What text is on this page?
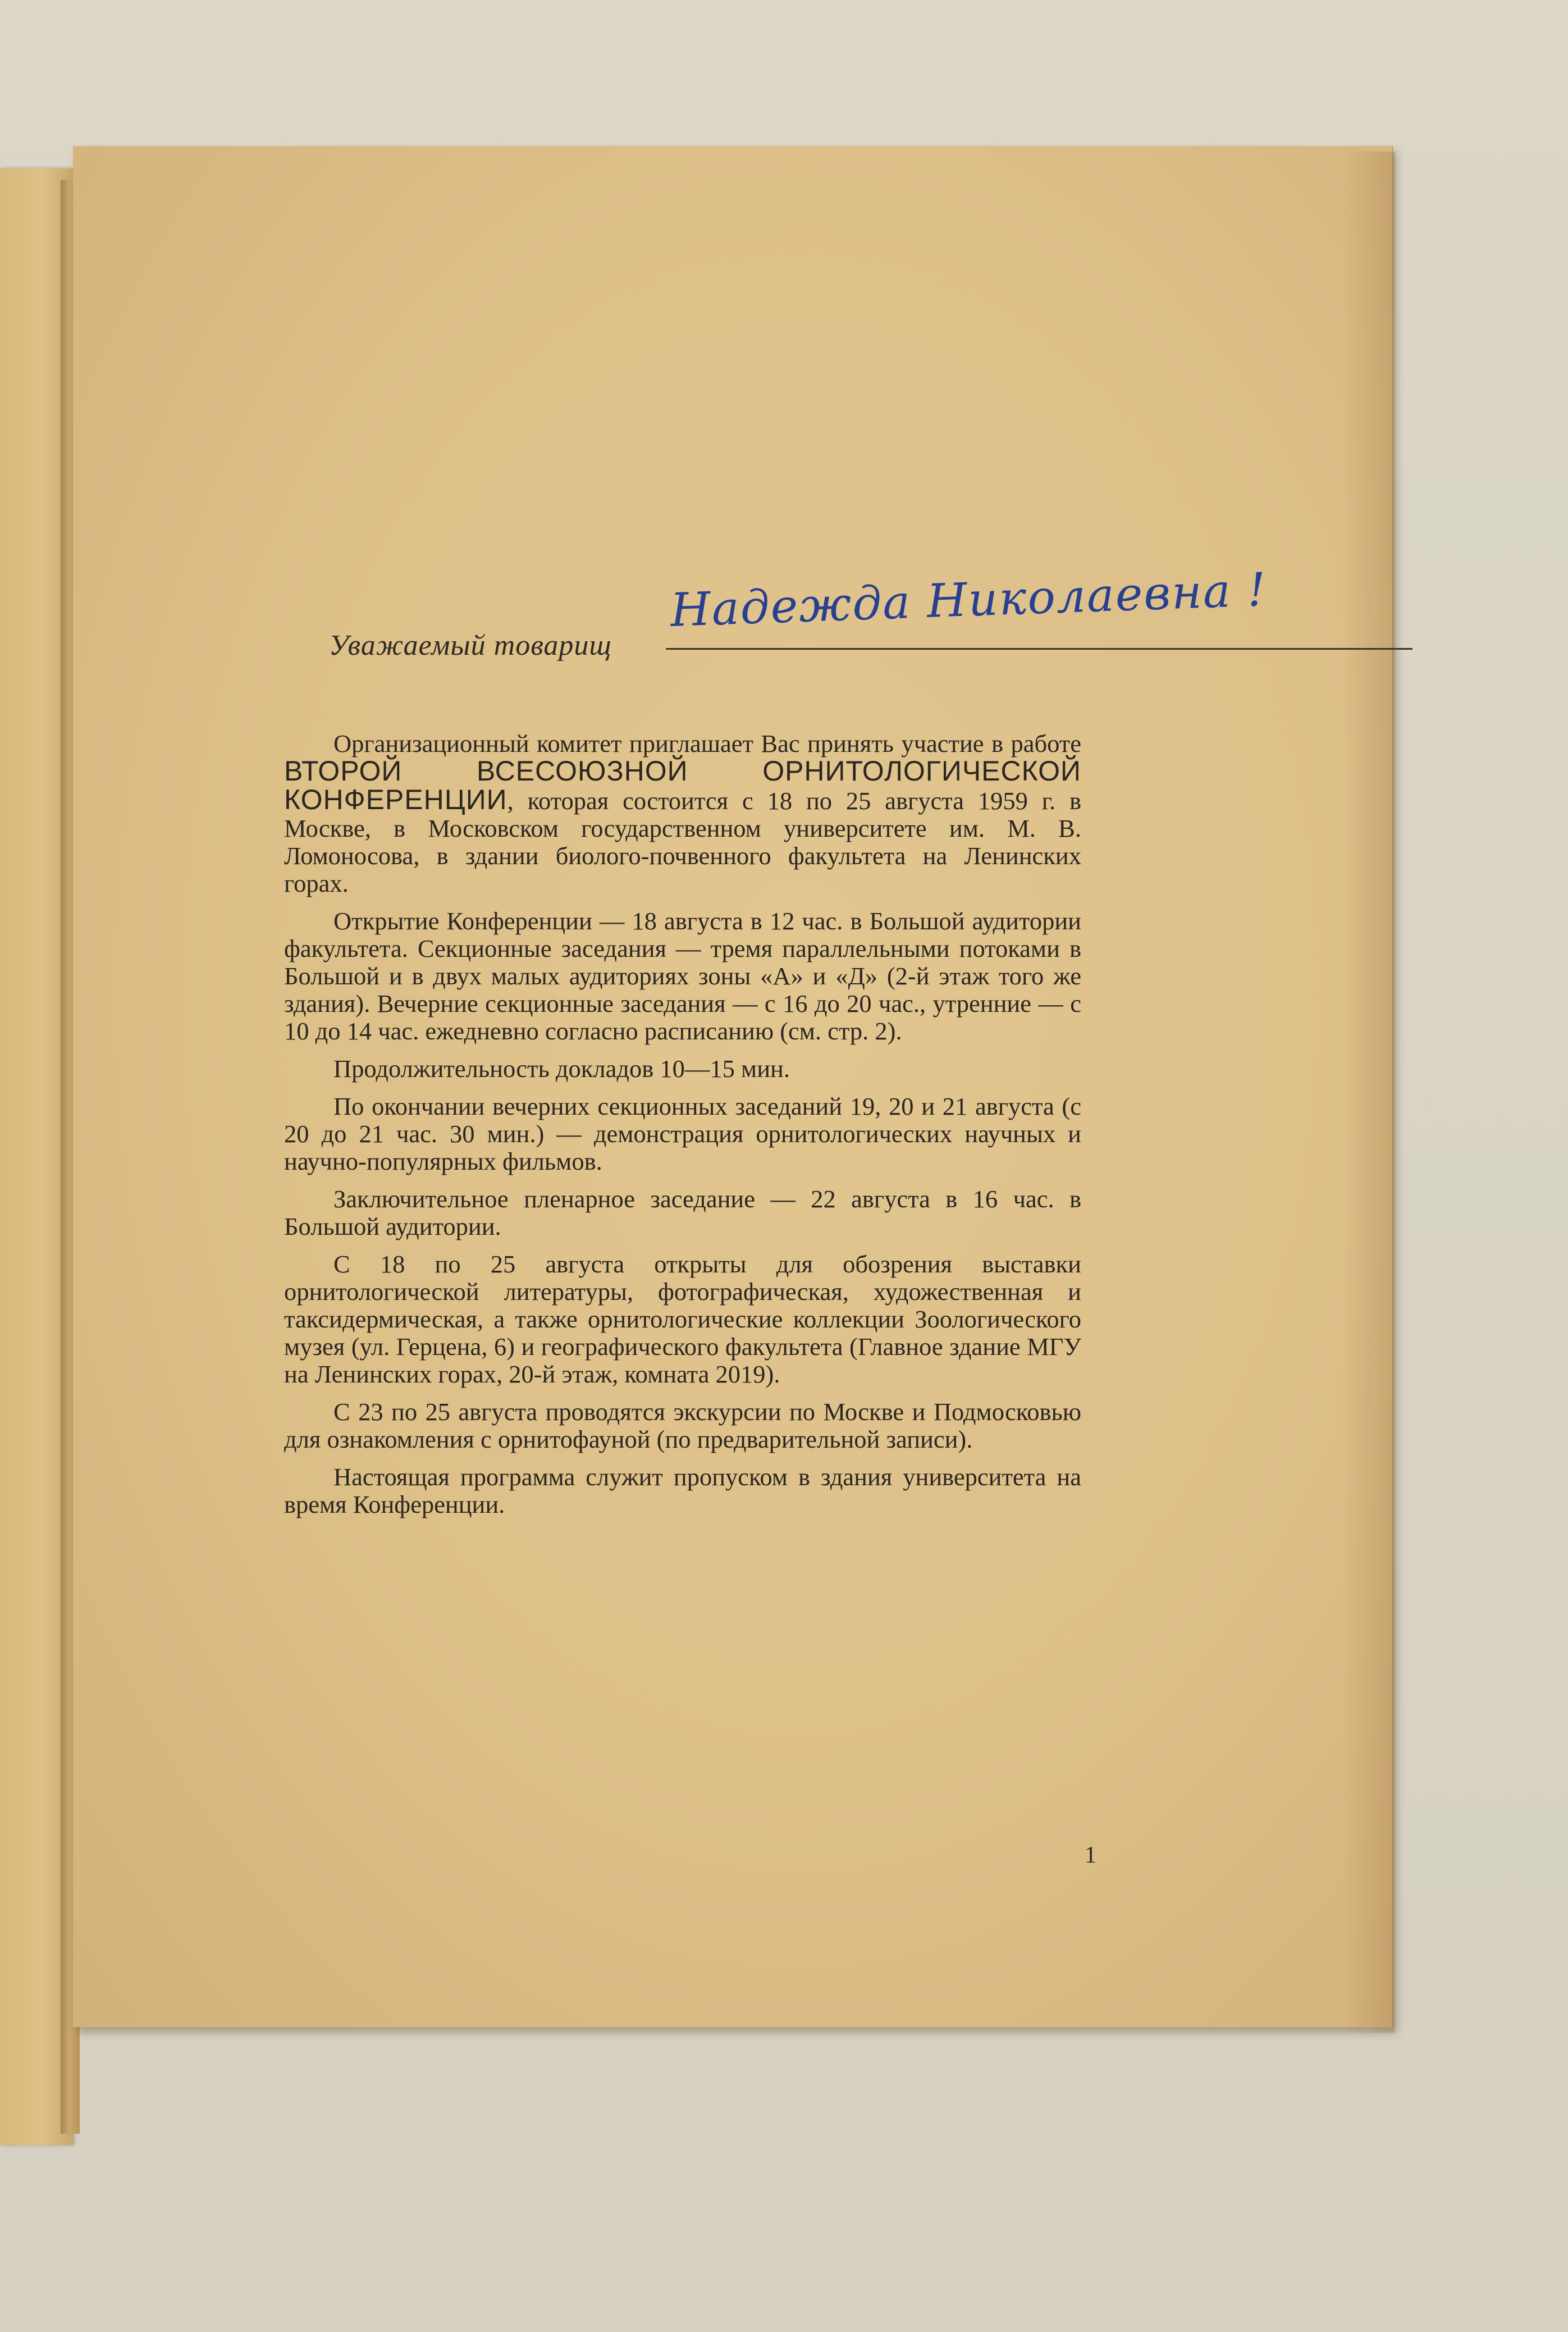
Уважаемый товарищ
Надежда Николаевна !

Организационный комитет приглашает Вас принять участие в работе ВТОРОЙ ВСЕСОЮЗНОЙ ОРНИТОЛОГИЧЕСКОЙ КОНФЕРЕНЦИИ, которая состоится с 18 по 25 августа 1959 г. в Москве, в Московском государственном университете им. М. В. Ломоносова, в здании биолого-почвенного факультета на Ленинских горах.

Открытие Конференции — 18 августа в 12 час. в Большой аудитории факультета. Секционные заседания — тремя параллельными потоками в Большой и в двух малых аудиториях зоны «А» и «Д» (2-й этаж того же здания). Вечерние секционные заседания — с 16 до 20 час., утренние — с 10 до 14 час. ежедневно согласно расписанию (см. стр. 2).

Продолжительность докладов 10—15 мин.

По окончании вечерних секционных заседаний 19, 20 и 21 августа (с 20 до 21 час. 30 мин.) — демонстрация орнитологических научных и научно-популярных фильмов.

Заключительное пленарное заседание — 22 августа в 16 час. в Большой аудитории.

С 18 по 25 августа открыты для обозрения выставки орнитологической литературы, фотографическая, художественная и таксидермическая, а также орнитологические коллекции Зоологического музея (ул. Герцена, 6) и географического факультета (Главное здание МГУ на Ленинских горах, 20-й этаж, комната 2019).

С 23 по 25 августа проводятся экскурсии по Москве и Подмосковью для ознакомления с орнитофауной (по предварительной записи).

Настоящая программа служит пропуском в здания университета на время Конференции.

1
